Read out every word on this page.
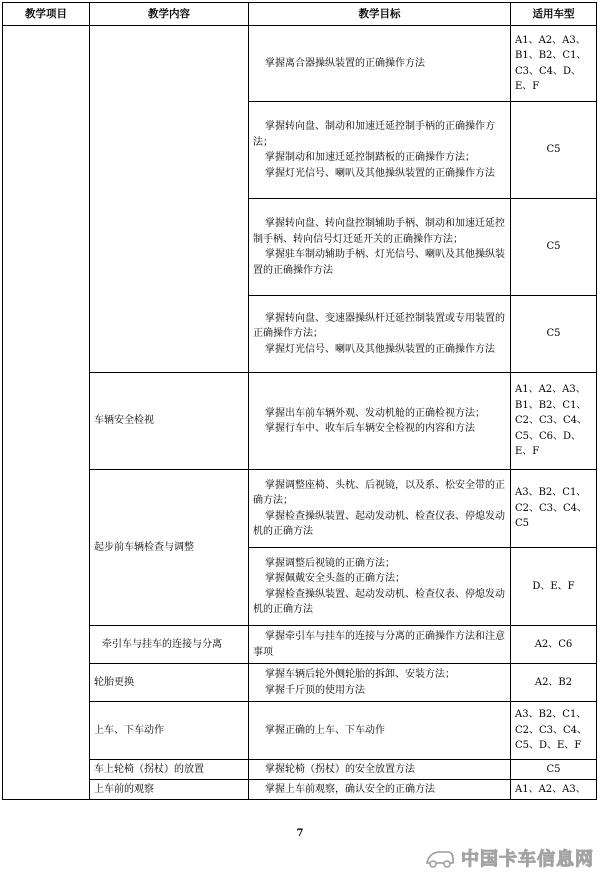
教学项目	教学内容	教学目标	适用车型

		掌握离合器操纵装置的正确操作方法	A1、A2、A3、B1、B2、C1、C3、C4、D、E、F

		掌握转向盘、制动和加速迁延控制手柄的正确操作方法；

掌握制动和加速迁延控制踏板的正确操作方法；

掌握灯光信号、喇叭及其他操纵装置的正确操作方法	C5

		掌握转向盘、转向盘控制辅助手柄、制动和加速迁延控制手柄、转向信号灯迁延开关的正确操作方法；

掌握驻车制动辅助手柄、灯光信号、喇叭及其他操纵装置的正确操作方法	C5

		掌握转向盘、变速器操纵杆迁延控制装置或专用装置的正确操作方法；

掌握灯光信号、喇叭及其他操纵装置的正确操作方法	C5
	车辆安全检视	掌握出车前车辆外观、发动机舱的正确检视方法；

掌握行车中、收车后车辆安全检视的内容和方法	A1、A2、A3、B1、B2、C1、C2、C3、C4、C5、C6、D、E、F
	起步前车辆检查与调整	掌握调整座椅、头枕、后视镜，以及系、松安全带的正确方法；

掌握检查操纵装置、起动发动机、检查仪表、停熄发动机的正确方法	A3、B2、C1、C2、C3、C4、C5

		掌握调整后视镜的正确方法；

掌握佩戴安全头盔的正确方法；

掌握检查操纵装置、起动发动机、检查仪表、停熄发动机的正确方法	D、E、F
	牵引车与挂车的连接与分离	掌握牵引车与挂车的连接与分离的正确操作方法和注意事项	A2、C6
	轮胎更换	掌握车辆后轮外侧轮胎的拆卸、安装方法；

掌握千斤顶的使用方法	A2、B2
	上车、下车动作	掌握正确的上车、下车动作	A3、B2、C1、C2、C3、C4、C5、D、E、F
	车上轮椅（拐杖）的放置	掌握轮椅（拐杖）的安全放置方法	C5
	上车前的观察	掌握上车前观察，确认安全的正确方法	A1、A2、A3、
7
中国卡车信息网
